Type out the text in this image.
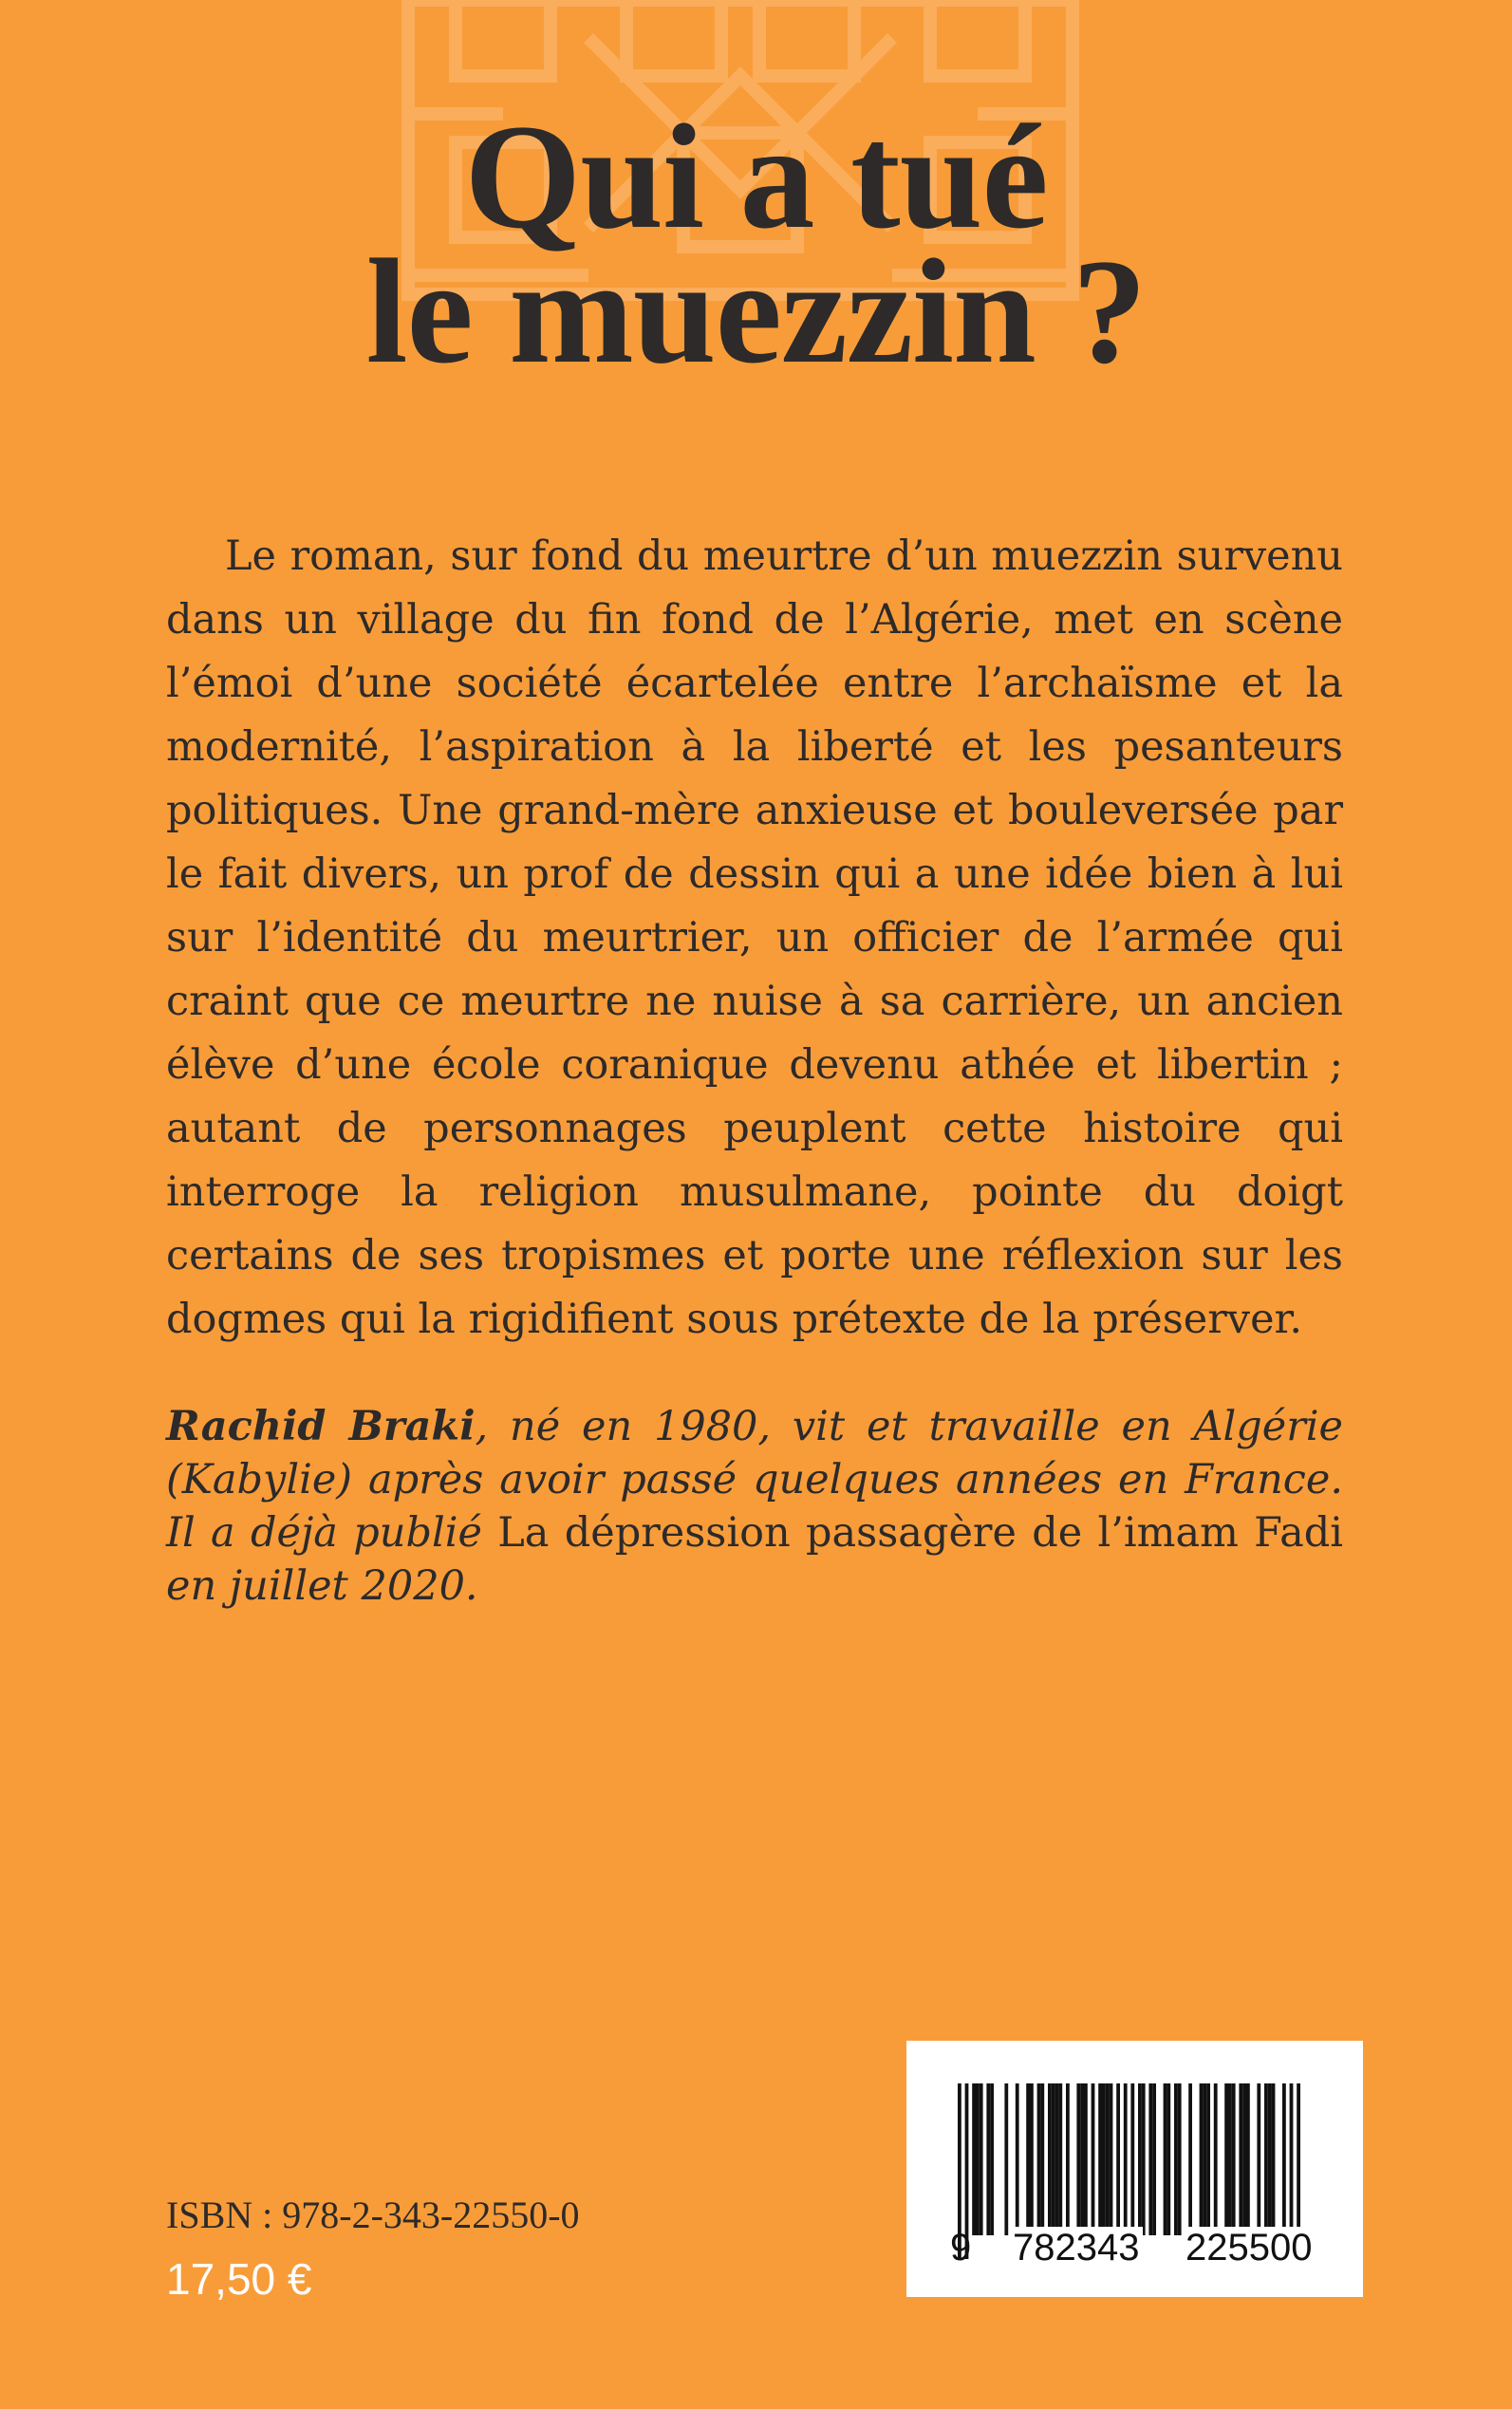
Qui a tué
le muezzin ?

Le roman, sur fond du meurtre d’un muezzin survenu dans un village du fin fond de l’Algérie, met en scène l’émoi d’une société écartelée entre l’archaïsme et la modernité, l’aspiration à la liberté et les pesanteurs politiques. Une grand-mère anxieuse et bouleversée par le fait divers, un prof de dessin qui a une idée bien à lui sur l’identité du meurtrier, un officier de l’armée qui craint que ce meurtre ne nuise à sa carrière, un ancien élève d’une école coranique devenu athée et libertin ; autant de personnages peuplent cette histoire qui interroge la religion musulmane, pointe du doigt certains de ses tropismes et porte une réflexion sur les dogmes qui la rigidifient sous prétexte de la préserver.

Rachid Braki, né en 1980, vit et travaille en Algérie (Kabylie) après avoir passé quelques années en France. Il a déjà publié La dépression passagère de l’imam Fadi en juillet 2020.

ISBN : 978-2-343-22550-0
17,50 €
9 782343 225500
